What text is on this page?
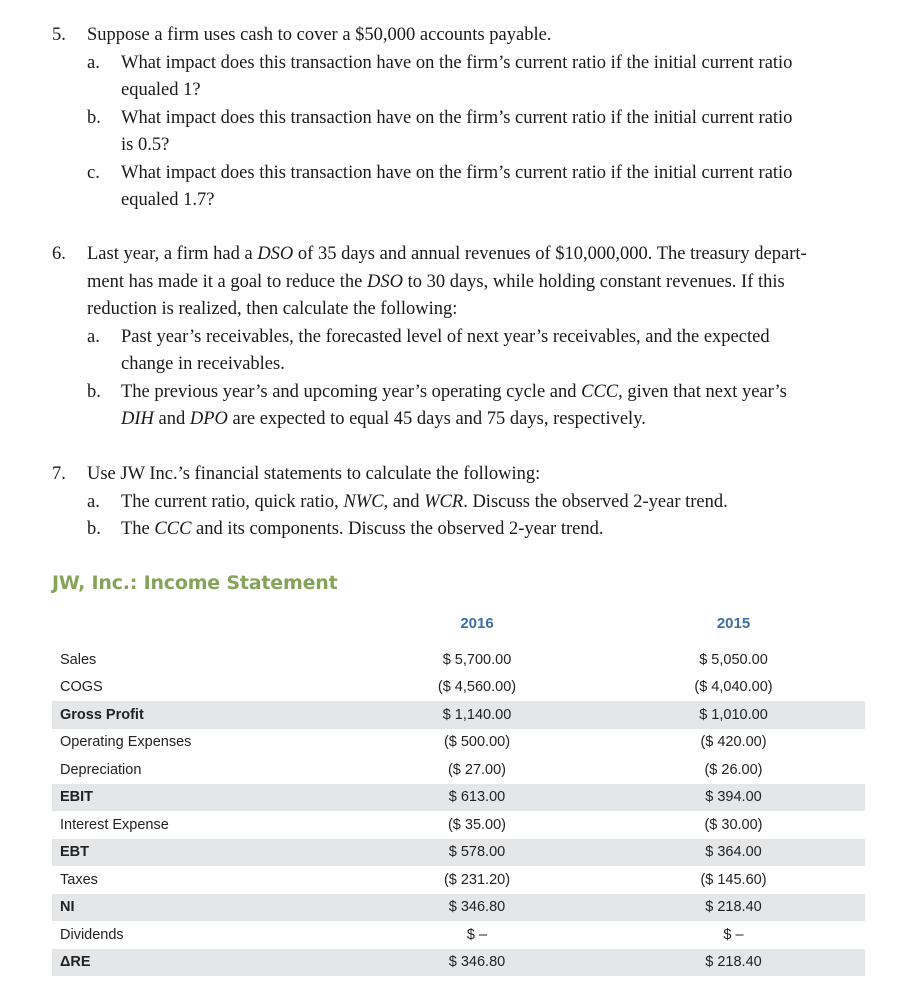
5.	Suppose a firm uses cash to cover a $50,000 accounts payable.
a.	What impact does this transaction have on the firm’s current ratio if the initial current ratio
equaled 1?
b.	What impact does this transaction have on the firm’s current ratio if the initial current ratio
is 0.5?
c.	What impact does this transaction have on the firm’s current ratio if the initial current ratio
equaled 1.7?
6.	Last year, a firm had a DSO of 35 days and annual revenues of $10,000,000. The treasury depart-
ment has made it a goal to reduce the DSO to 30 days, while holding constant revenues. If this
reduction is realized, then calculate the following:
a.	Past year’s receivables, the forecasted level of next year’s receivables, and the expected
change in receivables.
b.	The previous year’s and upcoming year’s operating cycle and CCC, given that next year’s
DIH and DPO are expected to equal 45 days and 75 days, respectively.
7.	Use JW Inc.’s financial statements to calculate the following:
a.	The current ratio, quick ratio, NWC, and WCR. Discuss the observed 2-year trend.
b.	The CCC and its components. Discuss the observed 2-year trend.
JW, Inc.: Income Statement
2016	2015
Sales	$ 5,700.00	$ 5,050.00
COGS	($ 4,560.00)	($ 4,040.00)
Gross Profit	$ 1,140.00	$ 1,010.00
Operating Expenses	($ 500.00)	($ 420.00)
Depreciation	($ 27.00)	($ 26.00)
EBIT	$ 613.00	$ 394.00
Interest Expense	($ 35.00)	($ 30.00)
EBT	$ 578.00	$ 364.00
Taxes	($ 231.20)	($ 145.60)
NI	$ 346.80	$ 218.40
Dividends	$ –	$ –
ΔRE	$ 346.80	$ 218.40
